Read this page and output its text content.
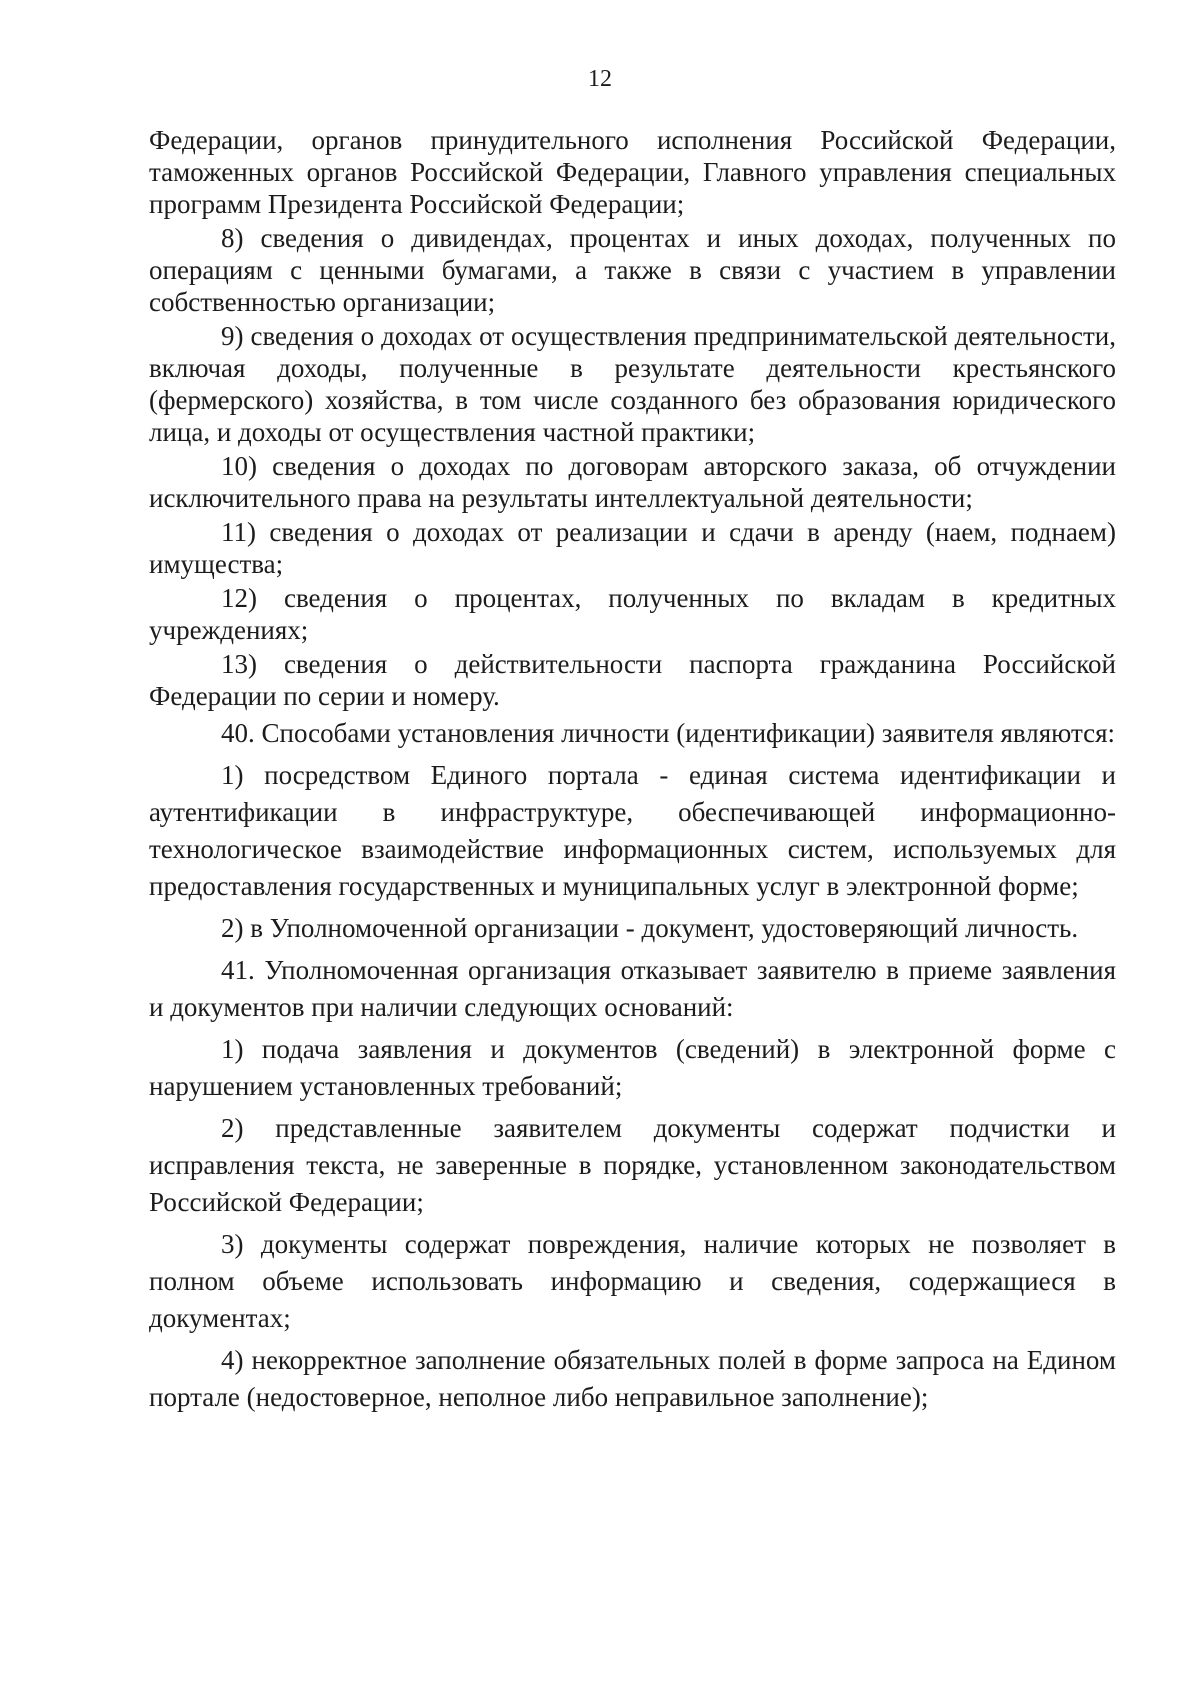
12

Федерации, органов принудительного исполнения Российской Федерации, таможенных органов Российской Федерации, Главного управления специальных программ Президента Российской Федерации;

8) сведения о дивидендах, процентах и иных доходах, полученных по операциям с ценными бумагами, а также в связи с участием в управлении собственностью организации;

9) сведения о доходах от осуществления предпринимательской деятельности, включая доходы, полученные в результате деятельности крестьянского (фермерского) хозяйства, в том числе созданного без образования юридического лица, и доходы от осуществления частной практики;

10) сведения о доходах по договорам авторского заказа, об отчуждении исключительного права на результаты интеллектуальной деятельности;

11) сведения о доходах от реализации и сдачи в аренду (наем, поднаем) имущества;

12) сведения о процентах, полученных по вкладам в кредитных учреждениях;

13) сведения о действительности паспорта гражданина Российской Федерации по серии и номеру.

40. Способами установления личности (идентификации) заявителя являются:

1) посредством Единого портала - единая система идентификации и аутентификации в инфраструктуре, обеспечивающей информационно-технологическое взаимодействие информационных систем, используемых для предоставления государственных и муниципальных услуг в электронной форме;

2) в Уполномоченной организации - документ, удостоверяющий личность.

41. Уполномоченная организация отказывает заявителю в приеме заявления и документов при наличии следующих оснований:

1) подача заявления и документов (сведений) в электронной форме с нарушением установленных требований;

2) представленные заявителем документы содержат подчистки и исправления текста, не заверенные в порядке, установленном законодательством Российской Федерации;

3) документы содержат повреждения, наличие которых не позволяет в полном объеме использовать информацию и сведения, содержащиеся в документах;

4) некорректное заполнение обязательных полей в форме запроса на Едином портале (недостоверное, неполное либо неправильное заполнение);
